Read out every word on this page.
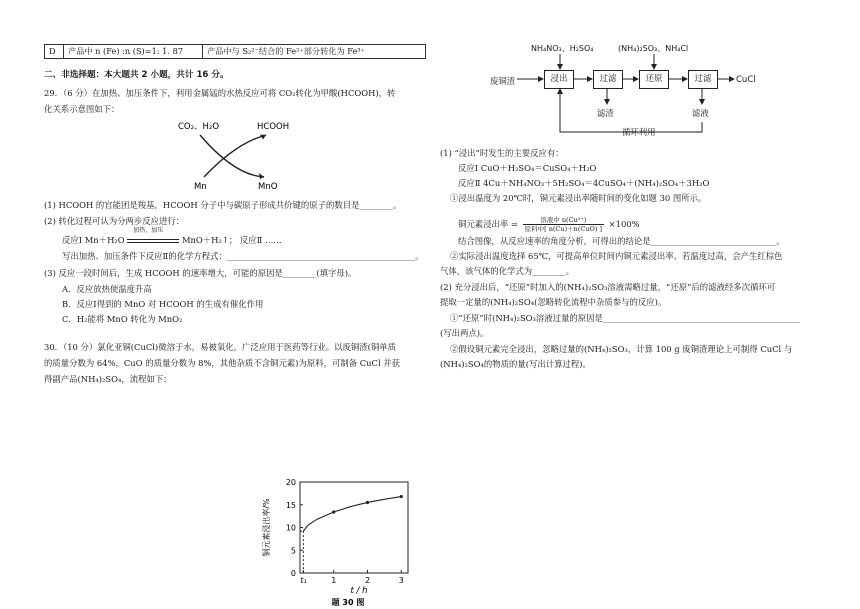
D	产品中 n (Fe) :n (S)=1: 1. 87	产品中与 S₂²⁻结合的 Fe²⁺部分转化为 Fe³⁺
二、非选择题：本大题共 2 小题，共计 16 分。
29．（6 分）在加热、加压条件下，利用金属锰的水热反应可将 CO₂转化为甲酸(HCOOH)，转
化关系示意图如下：
CO₂、H₂O	HCOOH
Mn	MnO
(1) HCOOH 的官能团是羧基，HCOOH 分子中与碳原子形成共价键的原子的数目是________。
(2) 转化过程可认为分两步反应进行：
反应Ⅰ Mn＋H₂O
加热、加压
MnO＋H₂↑； 反应Ⅱ ……
写出加热、加压条件下反应Ⅱ的化学方程式：_____________________________________________。
(3) 反应一段时间后，生成 HCOOH 的速率增大，可能的原因是________(填字母)。
A．反应放热使温度升高
B．反应Ⅰ得到的 MnO 对 HCOOH 的生成有催化作用
C．H₂能将 MnO 转化为 MnO₂
30．（10 分）氯化亚铜(CuCl)微溶于水，易被氧化，广泛应用于医药等行业。以废铜渣(铜单质
的质量分数为 64%，CuO 的质量分数为 8%，其他杂质不含铜元素)为原料，可制备 CuCl 并获
得副产品(NH₄)₂SO₄，流程如下：
NH₄NO₃、H₂SO₄	(NH₄)₂SO₃、NH₄Cl
废铜渣	浸出	过滤	还原	过滤	CuCl
滤渣	滤液
循环利用
(1) “浸出”时发生的主要反应有：
反应Ⅰ CuO＋H₂SO₄＝CuSO₄＋H₂O
反应Ⅱ 4Cu＋NH₄NO₃＋5H₂SO₄＝4CuSO₄＋(NH₄)₂SO₄＋3H₂O
①浸出温度为 20℃时，铜元素浸出率随时间的变化如题 30 图所示。
铜元素浸出率 =	溶液中 n(Cu²⁺)
原料中[ n(Cu)＋n(CuO) ] ×100%
结合图像，从反应速率的角度分析，可得出的结论是______________________________。
②实际浸出温度选择 65℃，可提高单位时间内铜元素浸出率。若温度过高，会产生红棕色
气体，该气体的化学式为________。
(2) 充分浸出后，“还原”时加入的(NH₄)₂SO₃溶液需略过量，“还原”后的滤液经多次循环可
提取一定量的(NH₄)₂SO₄(忽略转化流程中杂质参与的反应)。
①“还原”时(NH₄)₂SO₃溶液过量的原因是_______________________________________________
(写出两点)。
②假设铜元素完全浸出，忽略过量的(NH₄)₂SO₃，计算 100 g 废铜渣理论上可制得 CuCl 与
(NH₄)₂SO₄的物质的量(写出计算过程)。
0
5
10
15
20
t₁	1	2	3
t / h
铜元素浸出率/%
题 30 图
